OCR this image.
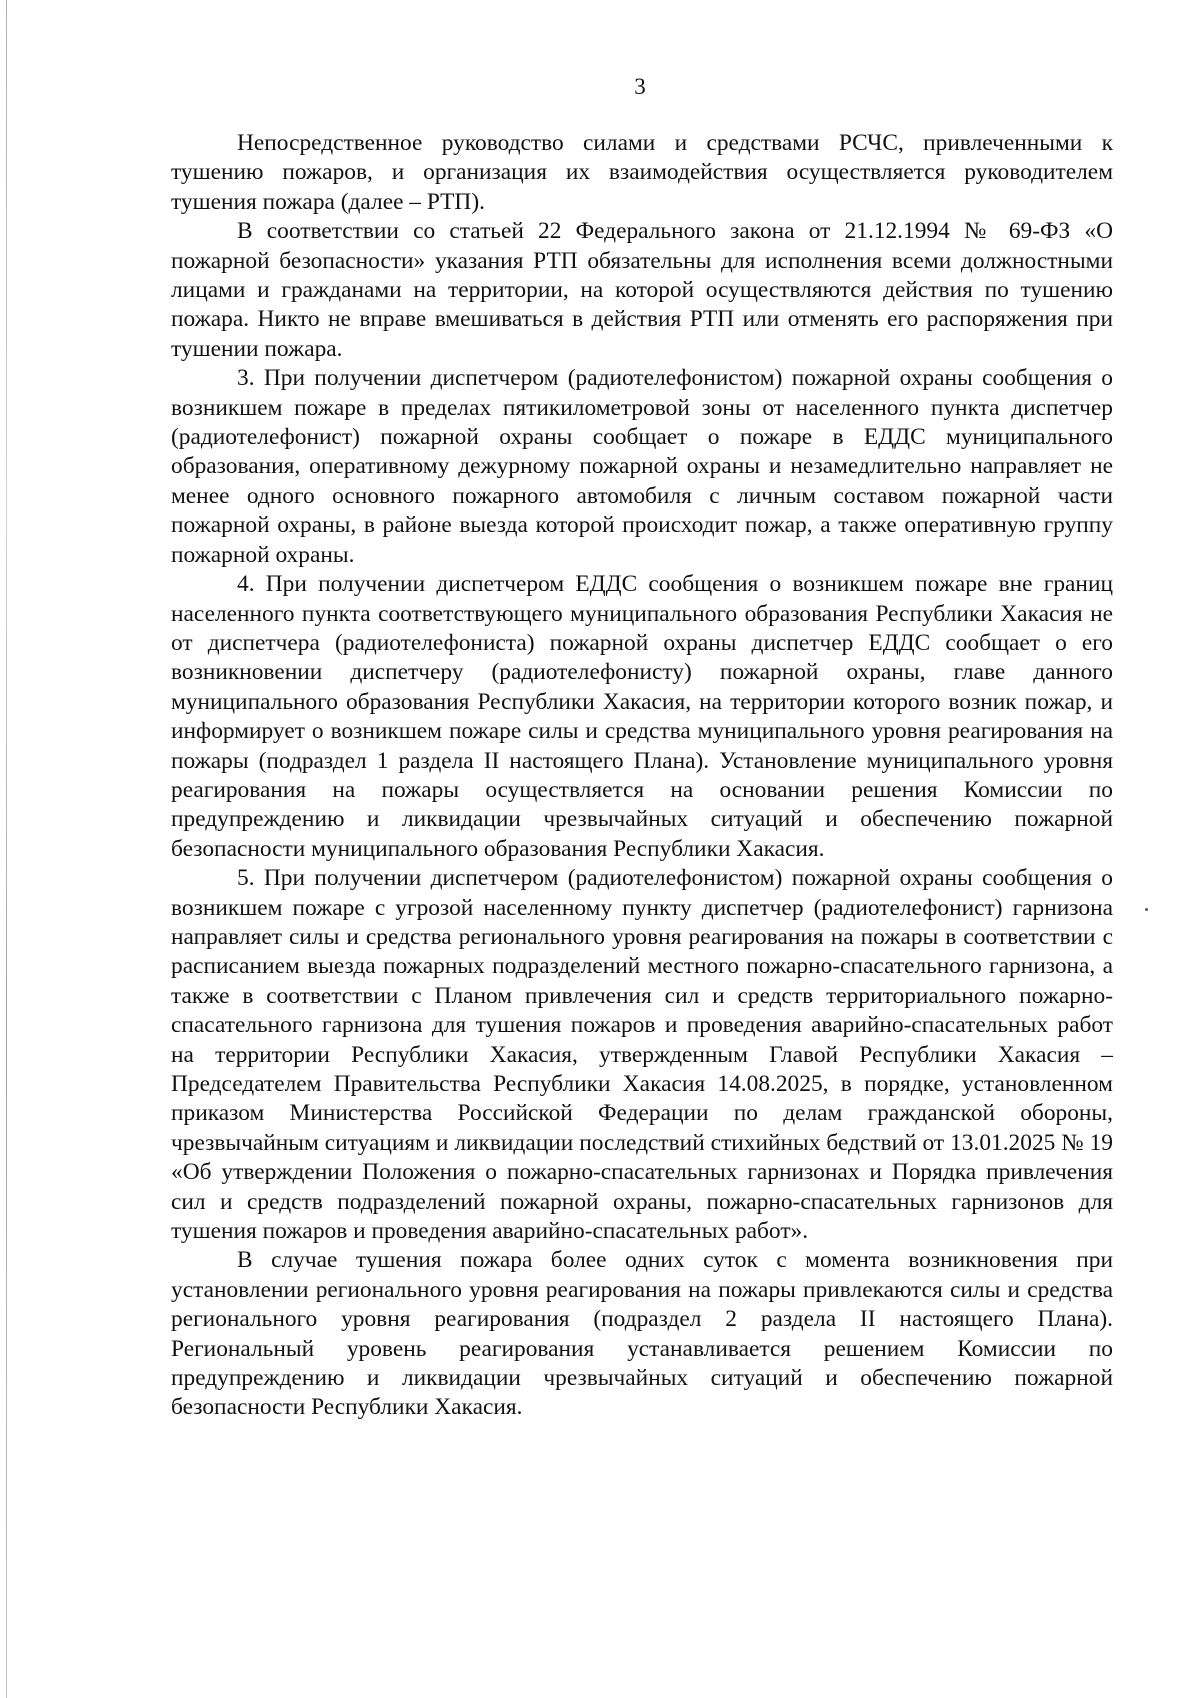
3

Непосредственное руководство силами и средствами РСЧС, привлеченными к тушению пожаров, и организация их взаимодействия осуществляется руководителем тушения пожара (далее – РТП).

В соответствии со статьей 22 Федерального закона от 21.12.1994 № 69-ФЗ «О пожарной безопасности» указания РТП обязательны для исполнения всеми должностными лицами и гражданами на территории, на которой осуществляются действия по тушению пожара. Никто не вправе вмешиваться в действия РТП или отменять его распоряжения при тушении пожара.

3. При получении диспетчером (радиотелефонистом) пожарной охраны сообщения о возникшем пожаре в пределах пятикилометровой зоны от населенного пункта диспетчер (радиотелефонист) пожарной охраны сообщает о пожаре в ЕДДС муниципального образования, оперативному дежурному пожарной охраны и незамедлительно направляет не менее одного основного пожарного автомобиля с личным составом пожарной части пожарной охраны, в районе выезда которой происходит пожар, а также оперативную группу пожарной охраны.

4. При получении диспетчером ЕДДС сообщения о возникшем пожаре вне границ населенного пункта соответствующего муниципального образования Республики Хакасия не от диспетчера (радиотелефониста) пожарной охраны диспетчер ЕДДС сообщает о его возникновении диспетчеру (радиотелефонисту) пожарной охраны, главе данного муниципального образования Республики Хакасия, на территории которого возник пожар, и информирует о возникшем пожаре силы и средства муниципального уровня реагирования на пожары (подраздел 1 раздела II настоящего Плана). Установление муниципального уровня реагирования на пожары осуществляется на основании решения Комиссии по предупреждению и ликвидации чрезвычайных ситуаций и обеспечению пожарной безопасности муниципального образования Республики Хакасия.

5. При получении диспетчером (радиотелефонистом) пожарной охраны сообщения о возникшем пожаре с угрозой населенному пункту диспетчер (радиотелефонист) гарнизона направляет силы и средства регионального уровня реагирования на пожары в соответствии с расписанием выезда пожарных подразделений местного пожарно-спасательного гарнизона, а также в соответствии с Планом привлечения сил и средств территориального пожарно-спасательного гарнизона для тушения пожаров и проведения аварийно-спасательных работ на территории Республики Хакасия, утвержденным Главой Республики Хакасия – Председателем Правительства Республики Хакасия 14.08.2025, в порядке, установленном приказом Министерства Российской Федерации по делам гражданской обороны, чрезвычайным ситуациям и ликвидации последствий стихийных бедствий от 13.01.2025 № 19 «Об утверждении Положения о пожарно-спасательных гарнизонах и Порядка привлечения сил и средств подразделений пожарной охраны, пожарно-спасательных гарнизонов для тушения пожаров и проведения аварийно-спасательных работ».

В случае тушения пожара более одних суток с момента возникновения при установлении регионального уровня реагирования на пожары привлекаются силы и средства регионального уровня реагирования (подраздел 2 раздела II настоящего Плана). Региональный уровень реагирования устанавливается решением Комиссии по предупреждению и ликвидации чрезвычайных ситуаций и обеспечению пожарной безопасности Республики Хакасия.
